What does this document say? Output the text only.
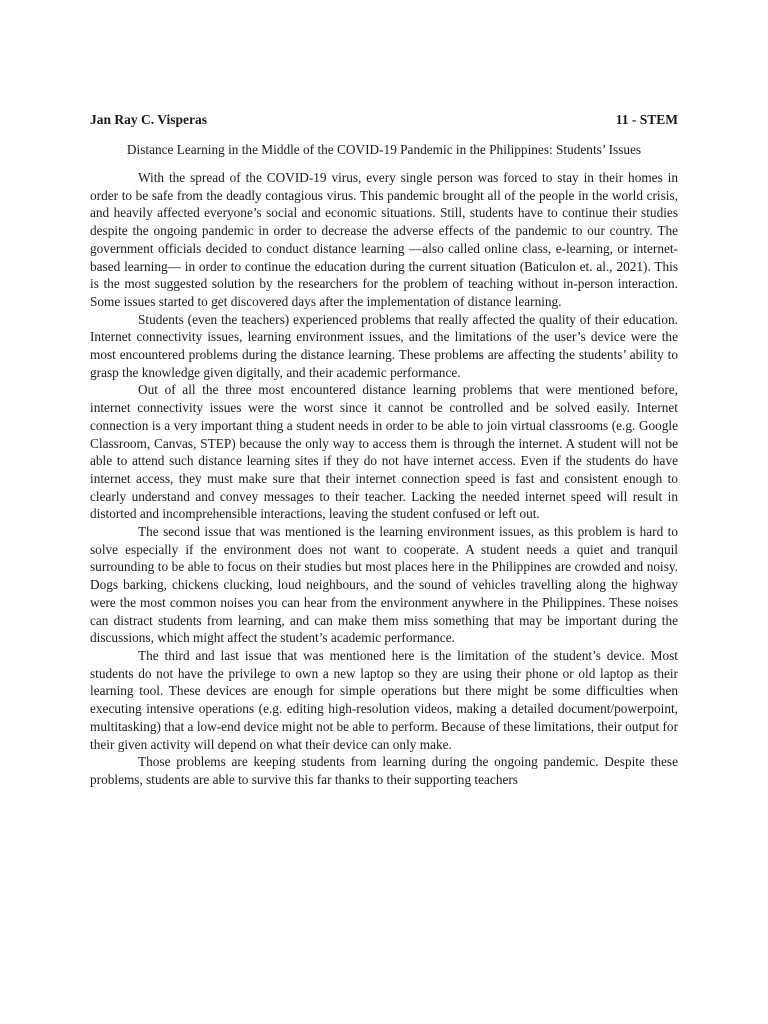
Jan Ray C. Visperas	11 - STEM
Distance Learning in the Middle of the COVID-19 Pandemic in the Philippines: Students’ Issues

With the spread of the COVID-19 virus, every single person was forced to stay in their homes in order to be safe from the deadly contagious virus. This pandemic brought all of the people in the world crisis, and heavily affected everyone’s social and economic situations. Still, students have to continue their studies despite the ongoing pandemic in order to decrease the adverse effects of the pandemic to our country. The government officials decided to conduct distance learning —also called online class, e-learning, or internet-based learning— in order to continue the education during the current situation (Baticulon et. al., 2021). This is the most suggested solution by the researchers for the problem of teaching without in-person interaction. Some issues started to get discovered days after the implementation of distance learning.

Students (even the teachers) experienced problems that really affected the quality of their education. Internet connectivity issues, learning environment issues, and the limitations of the user’s device were the most encountered problems during the distance learning. These problems are affecting the students’ ability to grasp the knowledge given digitally, and their academic performance.

Out of all the three most encountered distance learning problems that were mentioned before, internet connectivity issues were the worst since it cannot be controlled and be solved easily. Internet connection is a very important thing a student needs in order to be able to join virtual classrooms (e.g. Google Classroom, Canvas, STEP) because the only way to access them is through the internet. A student will not be able to attend such distance learning sites if they do not have internet access. Even if the students do have internet access, they must make sure that their internet connection speed is fast and consistent enough to clearly understand and convey messages to their teacher. Lacking the needed internet speed will result in distorted and incomprehensible interactions, leaving the student confused or left out.

The second issue that was mentioned is the learning environment issues, as this problem is hard to solve especially if the environment does not want to cooperate. A student needs a quiet and tranquil surrounding to be able to focus on their studies but most places here in the Philippines are crowded and noisy. Dogs barking, chickens clucking, loud neighbours, and the sound of vehicles travelling along the highway were the most common noises you can hear from the environment anywhere in the Philippines. These noises can distract students from learning, and can make them miss something that may be important during the discussions, which might affect the student’s academic performance.

The third and last issue that was mentioned here is the limitation of the student’s device. Most students do not have the privilege to own a new laptop so they are using their phone or old laptop as their learning tool. These devices are enough for simple operations but there might be some difficulties when executing intensive operations (e.g. editing high-resolution videos, making a detailed document/powerpoint, multitasking) that a low-end device might not be able to perform. Because of these limitations, their output for their given activity will depend on what their device can only make.

Those problems are keeping students from learning during the ongoing pandemic. Despite these problems, students are able to survive this far thanks to their supporting teachers
